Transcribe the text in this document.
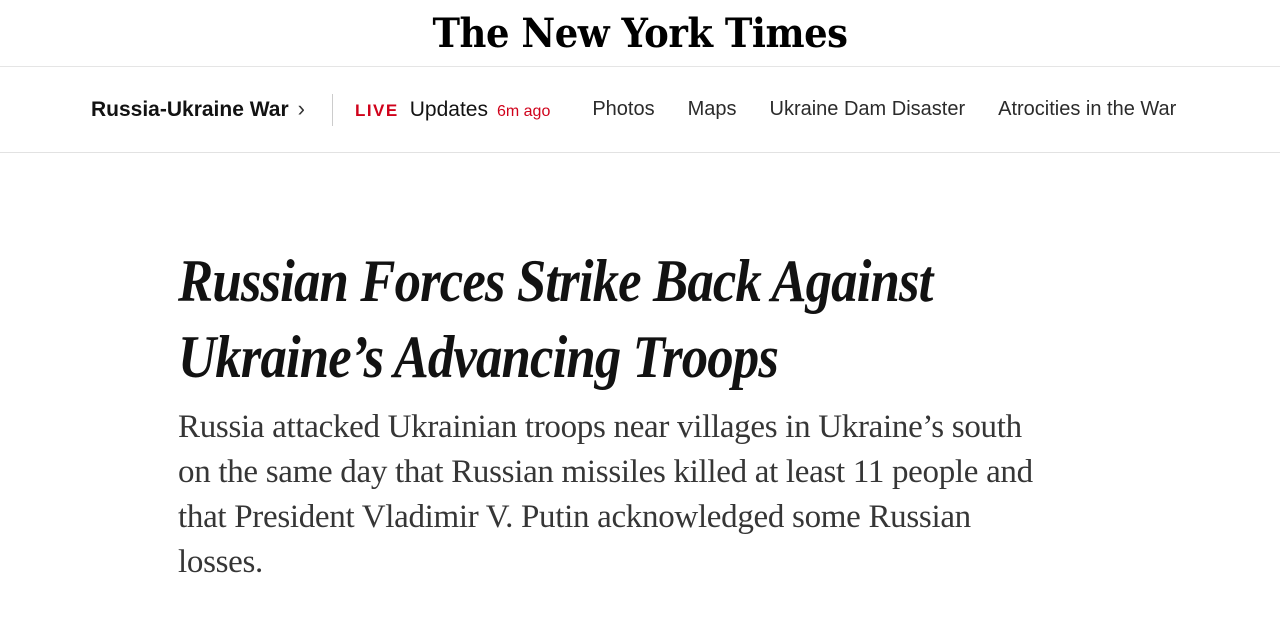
The New York Times
Russia-Ukraine War ›	LIVE Updates 6m ago Photos Maps Ukraine Dam Disaster Atrocities in the War
Russian Forces Strike Back Against
Ukraine’s Advancing Troops

Russia attacked Ukrainian troops near villages in Ukraine’s south
on the same day that Russian missiles killed at least 11 people and
that President Vladimir V. Putin acknowledged some Russian
losses.
